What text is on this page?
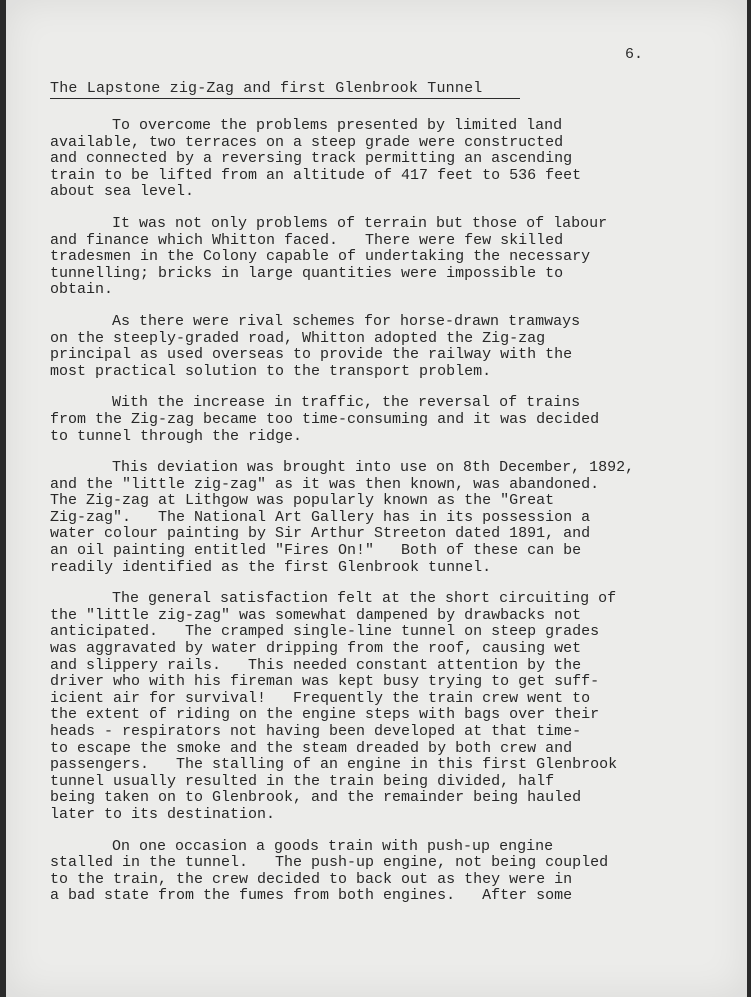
6.
The Lapstone zig-Zag and first Glenbrook Tunnel
To overcome the problems presented by limited land
available, two terraces on a steep grade were constructed
and connected by a reversing track permitting an ascending
train to be lifted from an altitude of 417 feet to 536 feet
about sea level.
It was not only problems of terrain but those of labour
and finance which Whitton faced.   There were few skilled
tradesmen in the Colony capable of undertaking the necessary
tunnelling; bricks in large quantities were impossible to
obtain.
As there were rival schemes for horse-drawn tramways
on the steeply-graded road, Whitton adopted the Zig-zag
principal as used overseas to provide the railway with the
most practical solution to the transport problem.
With the increase in traffic, the reversal of trains
from the Zig-zag became too time-consuming and it was decided
to tunnel through the ridge.
This deviation was brought into use on 8th December, 1892,
and the "little zig-zag" as it was then known, was abandoned.
The Zig-zag at Lithgow was popularly known as the "Great
Zig-zag".   The National Art Gallery has in its possession a
water colour painting by Sir Arthur Streeton dated 1891, and
an oil painting entitled "Fires On!"   Both of these can be
readily identified as the first Glenbrook tunnel.
The general satisfaction felt at the short circuiting of
the "little zig-zag" was somewhat dampened by drawbacks not
anticipated.   The cramped single-line tunnel on steep grades
was aggravated by water dripping from the roof, causing wet
and slippery rails.   This needed constant attention by the
driver who with his fireman was kept busy trying to get suff-
icient air for survival!   Frequently the train crew went to
the extent of riding on the engine steps with bags over their
heads - respirators not having been developed at that time-
to escape the smoke and the steam dreaded by both crew and
passengers.   The stalling of an engine in this first Glenbrook
tunnel usually resulted in the train being divided, half
being taken on to Glenbrook, and the remainder being hauled
later to its destination.
On one occasion a goods train with push-up engine
stalled in the tunnel.   The push-up engine, not being coupled
to the train, the crew decided to back out as they were in
a bad state from the fumes from both engines.   After some
